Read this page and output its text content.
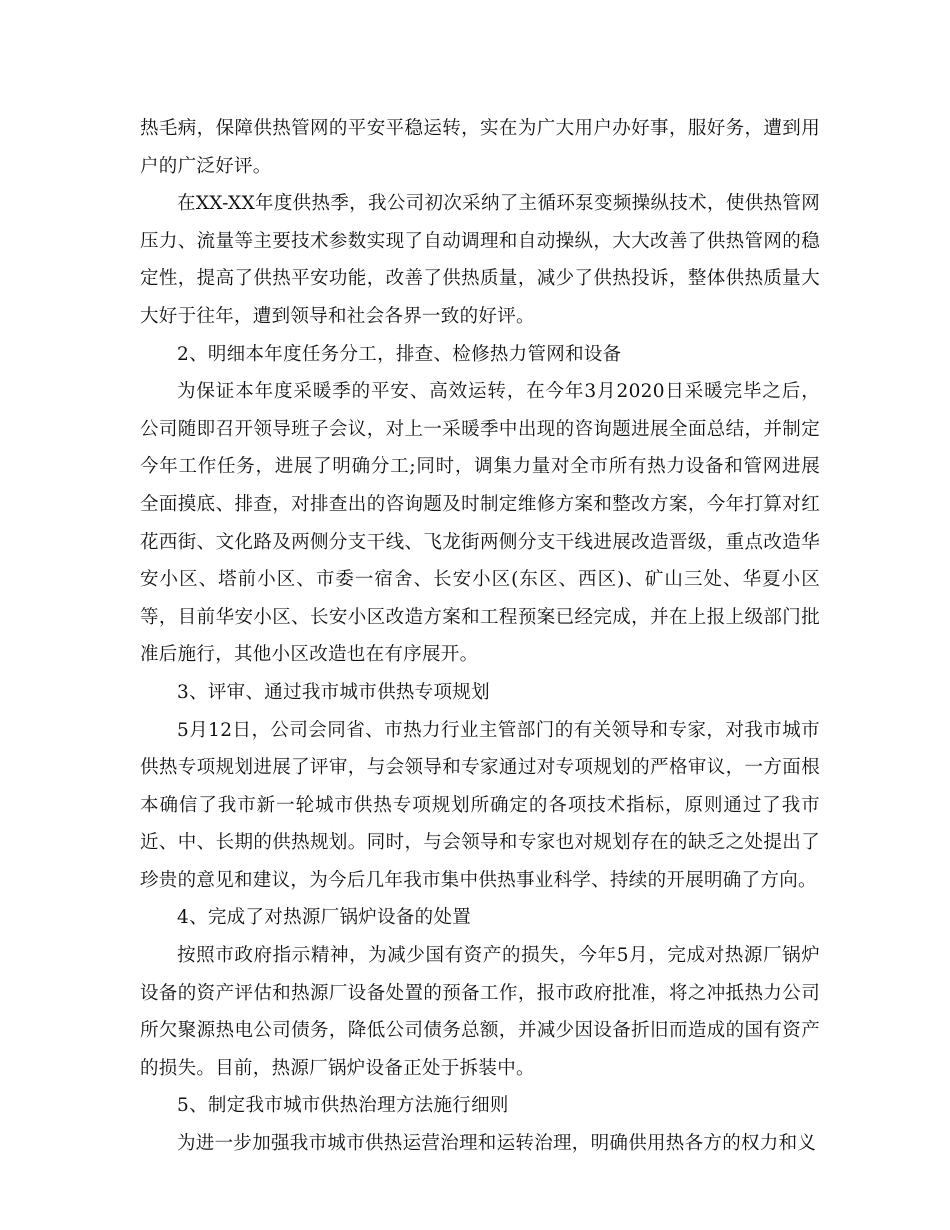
热毛病，保障供热管网的平安平稳运转，实在为广大用户办好事，服好务，遭到用户的广泛好评。

在XX-XX年度供热季，我公司初次采纳了主循环泵变频操纵技术，使供热管网压力、流量等主要技术参数实现了自动调理和自动操纵，大大改善了供热管网的稳定性，提高了供热平安功能，改善了供热质量，减少了供热投诉，整体供热质量大大好于往年，遭到领导和社会各界一致的好评。

2、明细本年度任务分工，排查、检修热力管网和设备

为保证本年度采暖季的平安、高效运转，在今年3月2020日采暖完毕之后，公司随即召开领导班子会议，对上一采暖季中出现的咨询题进展全面总结，并制定今年工作任务，进展了明确分工;同时，调集力量对全市所有热力设备和管网进展全面摸底、排查，对排查出的咨询题及时制定维修方案和整改方案，今年打算对红花西街、文化路及两侧分支干线、飞龙街两侧分支干线进展改造晋级，重点改造华安小区、塔前小区、市委一宿舍、长安小区(东区、西区)、矿山三处、华夏小区等，目前华安小区、长安小区改造方案和工程预案已经完成，并在上报上级部门批准后施行，其他小区改造也在有序展开。

3、评审、通过我市城市供热专项规划

5月12日，公司会同省、市热力行业主管部门的有关领导和专家，对我市城市供热专项规划进展了评审，与会领导和专家通过对专项规划的严格审议，一方面根本确信了我市新一轮城市供热专项规划所确定的各项技术指标，原则通过了我市近、中、长期的供热规划。同时，与会领导和专家也对规划存在的缺乏之处提出了珍贵的意见和建议，为今后几年我市集中供热事业科学、持续的开展明确了方向。

4、完成了对热源厂锅炉设备的处置

按照市政府指示精神，为减少国有资产的损失，今年5月，完成对热源厂锅炉设备的资产评估和热源厂设备处置的预备工作，报市政府批准，将之冲抵热力公司所欠聚源热电公司债务，降低公司债务总额，并减少因设备折旧而造成的国有资产的损失。目前，热源厂锅炉设备正处于拆装中。

5、制定我市城市供热治理方法施行细则

为进一步加强我市城市供热运营治理和运转治理，明确供用热各方的权力和义
